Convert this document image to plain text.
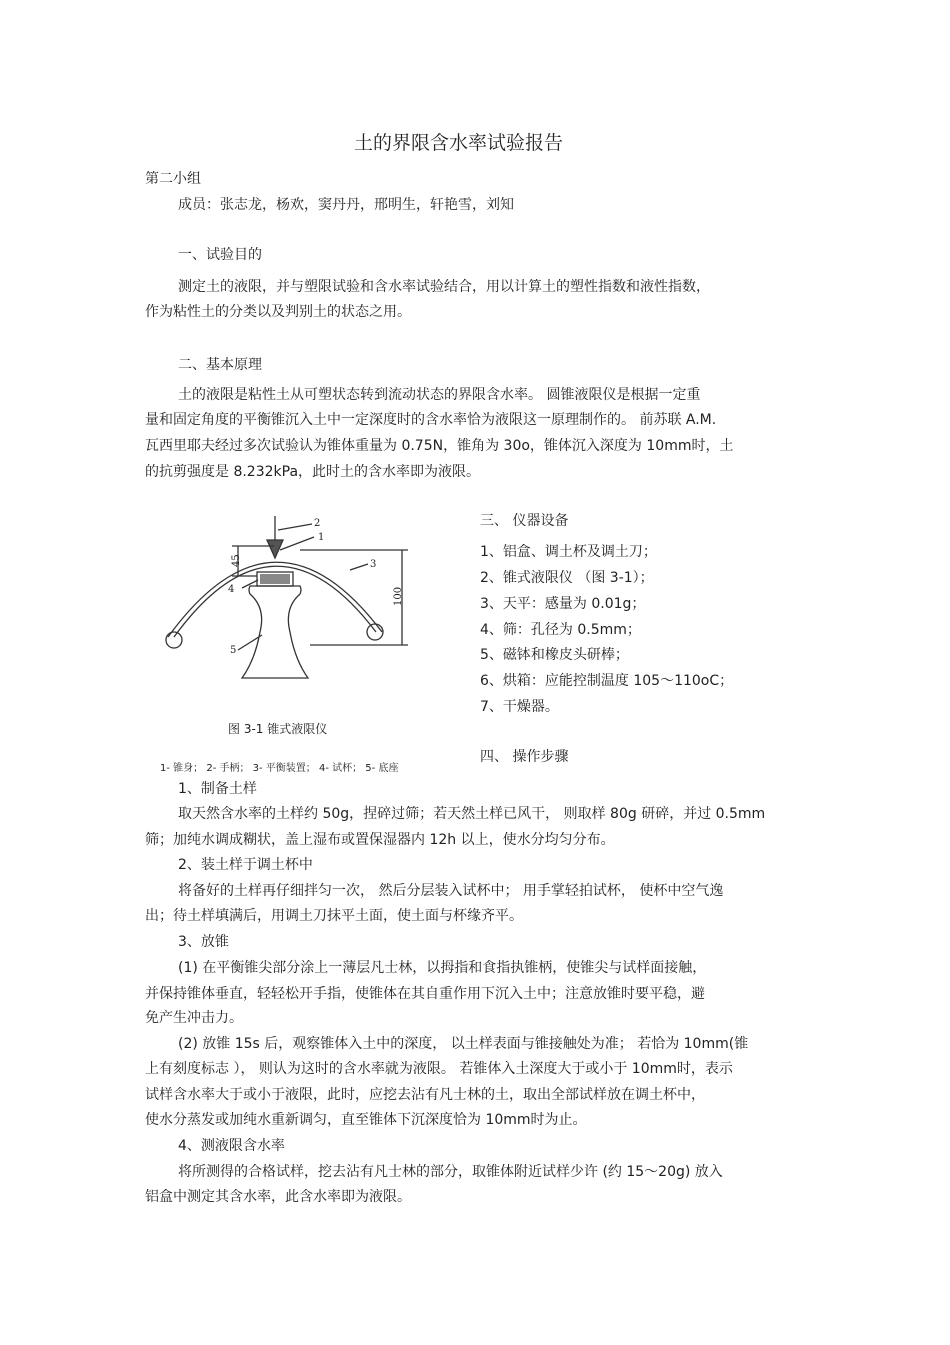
土的界限含水率试验报告
第二小组
成员：张志龙，杨欢，窦丹丹，邢明生，轩艳雪，刘知
一、试验目的
测定土的液限，并与塑限试验和含水率试验结合，用以计算土的塑性指数和液性指数，
作为粘性土的分类以及判别土的状态之用。
二、基本原理
土的液限是粘性土从可塑状态转到流动状态的界限含水率。 圆锥液限仪是根据一定重
量和固定角度的平衡锥沉入土中一定深度时的含水率恰为液限这一原理制作的。 前苏联 A.M.
瓦西里耶夫经过多次试验认为锥体重量为 0.75N，锥角为 30o，锥体沉入深度为 10mm时，土
的抗剪强度是 8.232kPa，此时土的含水率即为液限。
1
2
3
4
5
45
100
图 3-1 锥式液限仪
1- 锥身； 2- 手柄； 3- 平衡装置； 4- 试杯； 5- 底座
三、 仪器设备
1、铝盒、调土杯及调土刀；
2、锥式液限仪 （图 3-1）；
3、天平：感量为 0.01g；
4、筛：孔径为 0.5mm；
5、磁钵和橡皮头研棒；
6、烘箱：应能控制温度 105～110oC；
7、干燥器。
四、 操作步骤
1、制备土样
取天然含水率的土样约 50g，捏碎过筛；若天然土样已风干， 则取样 80g 研碎，并过 0.5mm
筛；加纯水调成糊状，盖上湿布或置保湿器内 12h 以上，使水分均匀分布。
2、装土样于调土杯中
将备好的土样再仔细拌匀一次， 然后分层装入试杯中； 用手掌轻拍试杯， 使杯中空气逸
出；待土样填满后，用调土刀抹平土面，使土面与杯缘齐平。
3、放锥
(1) 在平衡锥尖部分涂上一薄层凡士林，以拇指和食指执锥柄，使锥尖与试样面接触，
并保持锥体垂直，轻轻松开手指，使锥体在其自重作用下沉入土中；注意放锥时要平稳，避
免产生冲击力。
(2) 放锥 15s 后，观察锥体入土中的深度， 以土样表面与锥接触处为准； 若恰为 10mm(锥
上有刻度标志 ）， 则认为这时的含水率就为液限。 若锥体入土深度大于或小于 10mm时，表示
试样含水率大于或小于液限，此时，应挖去沾有凡士林的土，取出全部试样放在调土杯中，
使水分蒸发或加纯水重新调匀，直至锥体下沉深度恰为 10mm时为止。
4、测液限含水率
将所测得的合格试样，挖去沾有凡士林的部分，取锥体附近试样少许 (约 15～20g) 放入
铝盒中测定其含水率，此含水率即为液限。
